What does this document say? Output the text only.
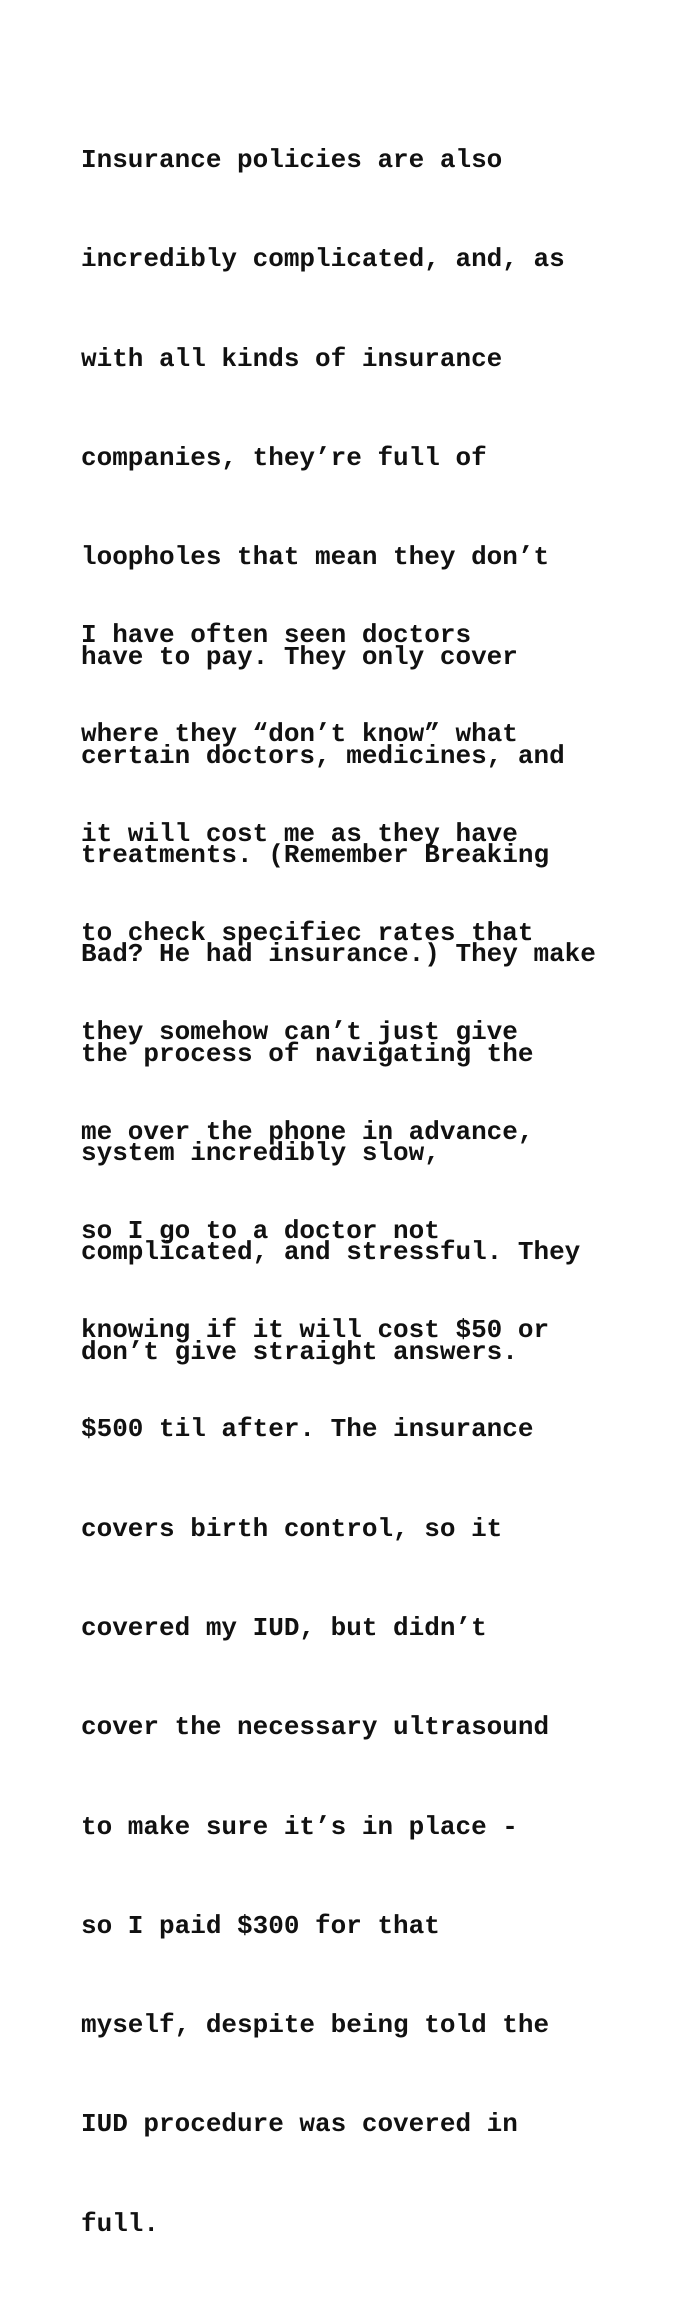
Insurance policies are also

incredibly complicated, and, as

with all kinds of insurance

companies, they’re full of

loopholes that mean they don’t

have to pay. They only cover

certain doctors, medicines, and

treatments. (Remember Breaking

Bad? He had insurance.) They make

the process of navigating the

system incredibly slow,

complicated, and stressful. They

don’t give straight answers.

I have often seen doctors

where they “don’t know” what

it will cost me as they have

to check specifiec rates that

they somehow can’t just give

me over the phone in advance,

so I go to a doctor not

knowing if it will cost $50 or

$500 til after. The insurance

covers birth control, so it

covered my IUD, but didn’t

cover the necessary ultrasound

to make sure it’s in place -

so I paid $300 for that

myself, despite being told the

IUD procedure was covered in

full.
